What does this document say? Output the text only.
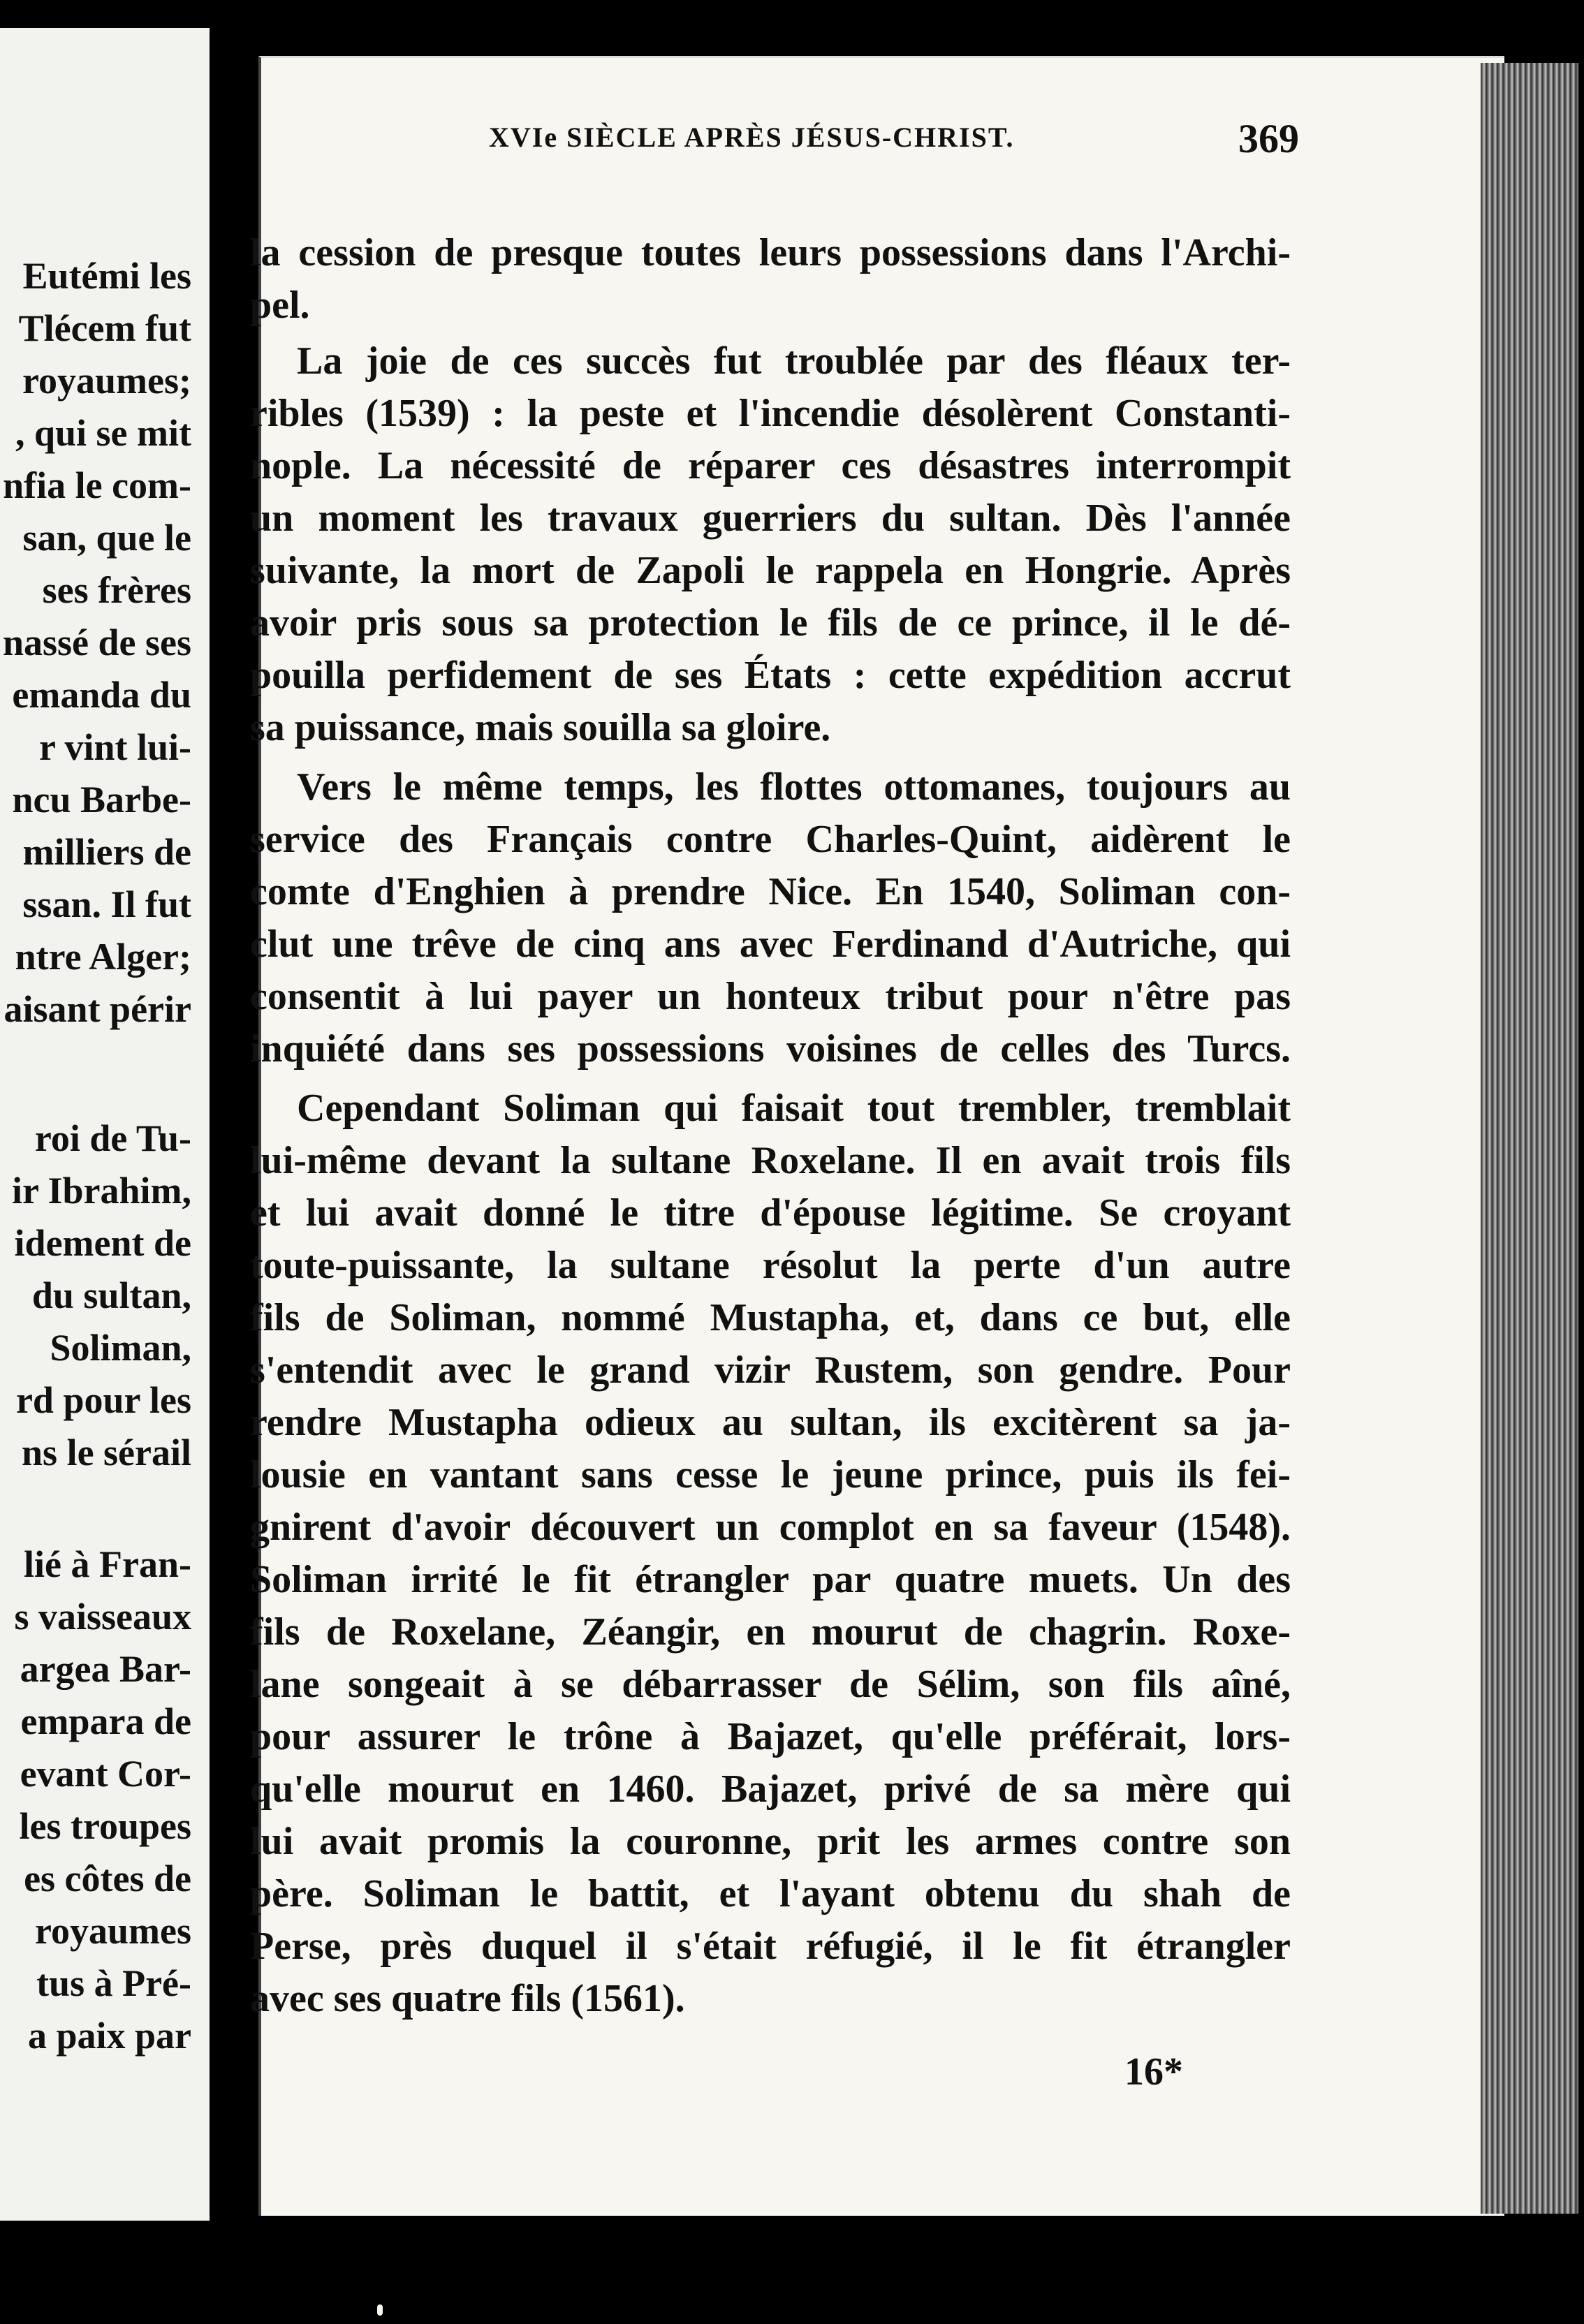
Eutémi les
Tlécem fut
royaumes;
, qui se mit
nfia le com-
san, que le
ses frères
nassé de ses
emanda du
r vint lui-
ncu Barbe-
milliers de
ssan. Il fut
ntre Alger;
aisant périr
roi de Tu-
ir Ibrahim,
idement de
du sultan,
Soliman,
rd pour les
ns le sérail
lié à Fran-
s vaisseaux
argea Bar-
empara de
evant Cor-
les troupes
es côtes de
royaumes
tus à Pré-
a paix par
XVIe SIÈCLE APRÈS JÉSUS-CHRIST.	369
la cession de presque toutes leurs possessions dans l'Archi-
pel.
La joie de ces succès fut troublée par des fléaux ter-
ribles (1539) : la peste et l'incendie désolèrent Constanti-
nople. La nécessité de réparer ces désastres interrompit
un moment les travaux guerriers du sultan. Dès l'année
suivante, la mort de Zapoli le rappela en Hongrie. Après
avoir pris sous sa protection le fils de ce prince, il le dé-
pouilla perfidement de ses États : cette expédition accrut
sa puissance, mais souilla sa gloire.
Vers le même temps, les flottes ottomanes, toujours au
service des Français contre Charles-Quint, aidèrent le
comte d'Enghien à prendre Nice. En 1540, Soliman con-
clut une trêve de cinq ans avec Ferdinand d'Autriche, qui
consentit à lui payer un honteux tribut pour n'être pas
inquiété dans ses possessions voisines de celles des Turcs.
Cependant Soliman qui faisait tout trembler, tremblait
lui-même devant la sultane Roxelane. Il en avait trois fils
et lui avait donné le titre d'épouse légitime. Se croyant
toute-puissante, la sultane résolut la perte d'un autre
fils de Soliman, nommé Mustapha, et, dans ce but, elle
s'entendit avec le grand vizir Rustem, son gendre. Pour
rendre Mustapha odieux au sultan, ils excitèrent sa ja-
lousie en vantant sans cesse le jeune prince, puis ils fei-
gnirent d'avoir découvert un complot en sa faveur (1548).
Soliman irrité le fit étrangler par quatre muets. Un des
fils de Roxelane, Zéangir, en mourut de chagrin. Roxe-
lane songeait à se débarrasser de Sélim, son fils aîné,
pour assurer le trône à Bajazet, qu'elle préférait, lors-
qu'elle mourut en 1460. Bajazet, privé de sa mère qui
lui avait promis la couronne, prit les armes contre son
père. Soliman le battit, et l'ayant obtenu du shah de
Perse, près duquel il s'était réfugié, il le fit étrangler
avec ses quatre fils (1561).
16*
